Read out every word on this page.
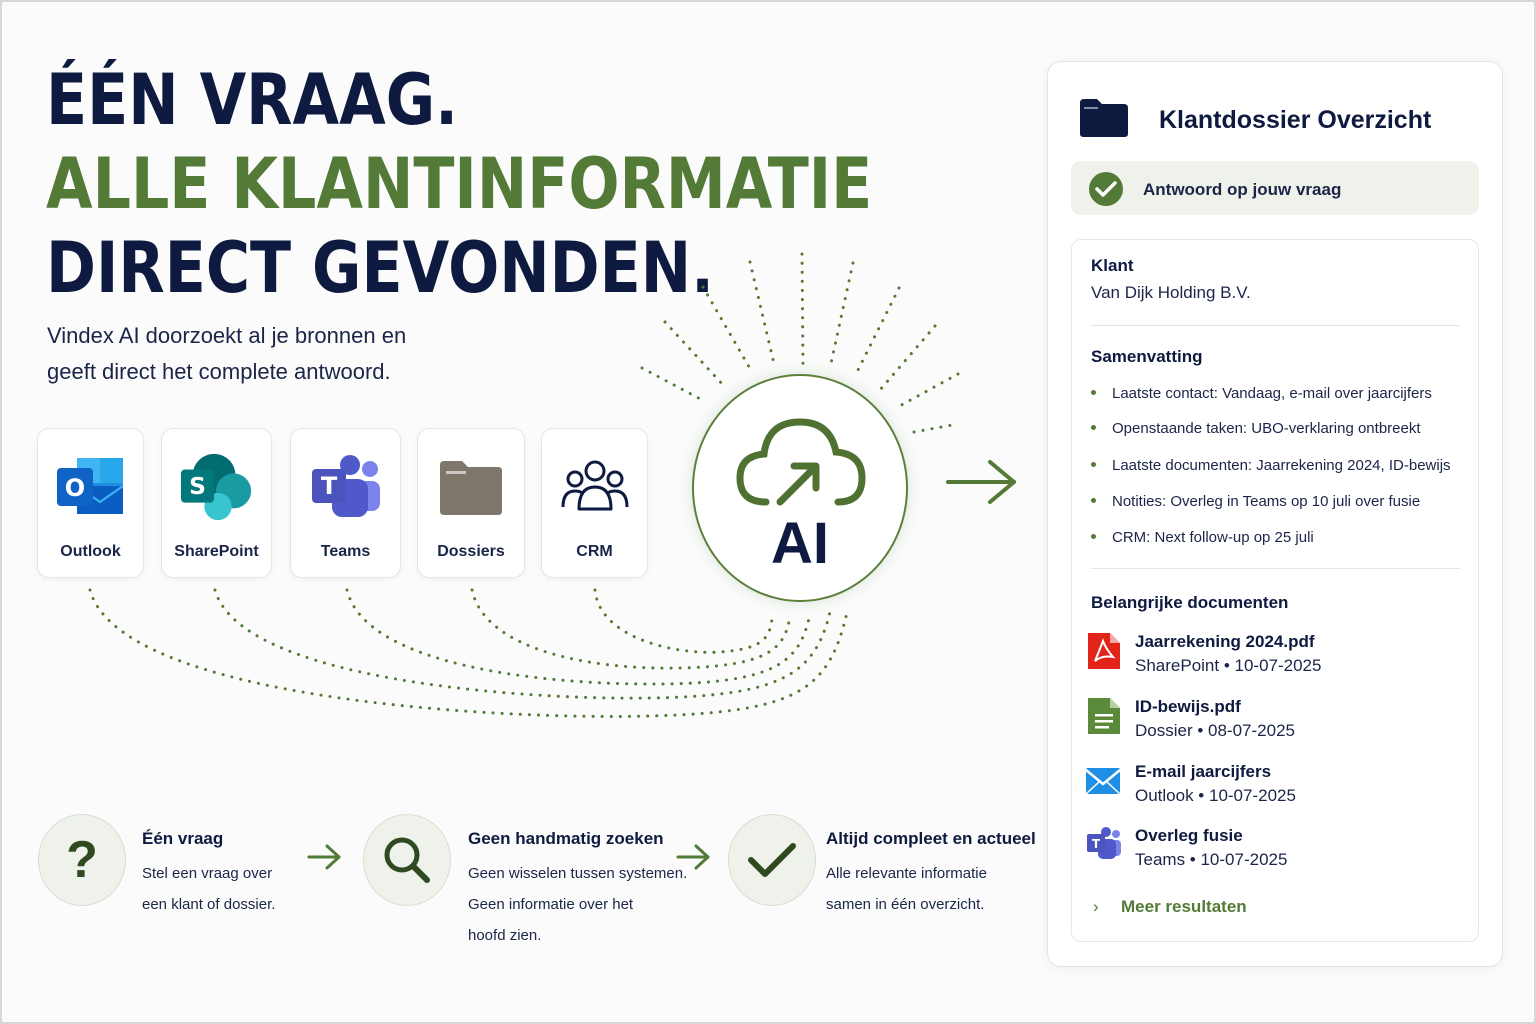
ÉÉN VRAAG.
ALLE KLANTINFORMATIE
DIRECT GEVONDEN.
Vindex AI doorzoekt al je bronnen en
geeft direct het complete antwoord.
O
Outlook
S
SharePoint
T
Teams	Dossiers	CRM	AI
?	Één vraag
Stel een vraag over
een klant of dossier.
Geen handmatig zoeken
Geen wisselen tussen systemen.
Geen informatie over het
hoofd zien.
Altijd compleet en actueel
Alle relevante informatie
samen in één overzicht.
Klantdossier Overzicht
Antwoord op jouw vraag
Klant
Van Dijk Holding B.V.
Samenvatting
Laatste contact: Vandaag, e-mail over jaarcijfers
Openstaande taken: UBO-verklaring ontbreekt
Laatste documenten: Jaarrekening 2024, ID-bewijs
Notities: Overleg in Teams op 10 juli over fusie
CRM: Next follow-up op 25 juli
Belangrijke documenten
Jaarrekening 2024.pdf
SharePoint • 10-07-2025
ID-bewijs.pdf
Dossier • 08-07-2025
E-mail jaarcijfers
Outlook • 10-07-2025
T Overleg fusie
Teams • 10-07-2025
› Meer resultaten
